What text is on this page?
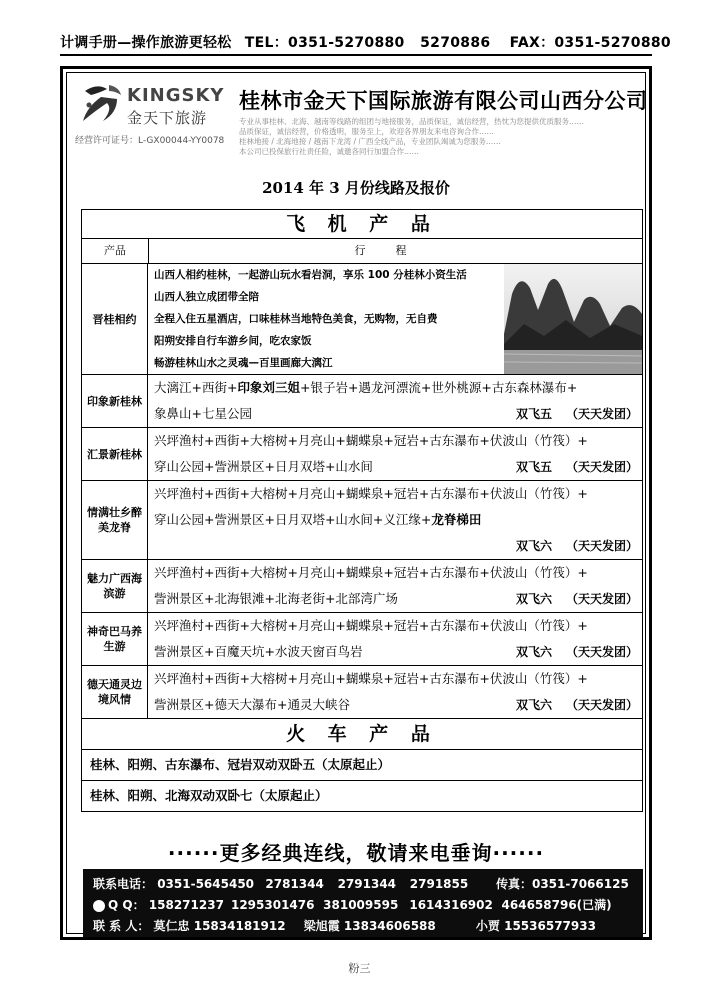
计调手册—操作旅游更轻松 TEL：0351-5270880   5270886 FAX：0351-5270880
KINGSKY
金天下旅游
经营许可证号：L-GX00044-YY0078
桂林市金天下国际旅游有限公司山西分公司
专业从事桂林、北海、越南等线路的组团与地接服务，品质保证，诚信经营，热忱为您提供优质服务……
品质保证，诚信经营，价格透明，服务至上，欢迎各界朋友来电咨询合作……
桂林地接 / 北海地接 / 越南下龙湾 / 广西全线产品，专业团队竭诚为您服务……
本公司已投保旅行社责任险，诚邀各同行加盟合作……
2014 年 3 月份线路及报价
飞 机 产 品
产品	行程
晋桂相约
山西人相约桂林，一起游山玩水看岩洞，享乐 100 分桂林小资生活
山西人独立成团带全陪
全程入住五星酒店，口味桂林当地特色美食，无购物，无自费
阳朔安排自行车游乡间，吃农家饭
畅游桂林山水之灵魂—百里画廊大漓江
印象新桂林
大漓江+西街+印象刘三姐+银子岩+遇龙河漂流+世外桃源+古东森林瀑布+
象鼻山+七星公园	双飞五 （天天发团）
汇景新桂林
兴坪渔村+西街+大榕树+月亮山+蝴蝶泉+冠岩+古东瀑布+伏波山（竹筏）+
穿山公园+訾洲景区+日月双塔+山水间	双飞五 （天天发团）
情满壮乡醉美龙脊
兴坪渔村+西街+大榕树+月亮山+蝴蝶泉+冠岩+古东瀑布+伏波山（竹筏）+
穿山公园+訾洲景区+日月双塔+山水间+义江缘+龙脊梯田
双飞六 （天天发团）
魅力广西海滨游
兴坪渔村+西街+大榕树+月亮山+蝴蝶泉+冠岩+古东瀑布+伏波山（竹筏）+
訾洲景区+北海银滩+北海老街+北部湾广场	双飞六 （天天发团）
神奇巴马养生游
兴坪渔村+西街+大榕树+月亮山+蝴蝶泉+冠岩+古东瀑布+伏波山（竹筏）+
訾洲景区+百魔天坑+水波天窗百鸟岩	双飞六 （天天发团）
德天通灵边境风情
兴坪渔村+西街+大榕树+月亮山+蝴蝶泉+冠岩+古东瀑布+伏波山（竹筏）+
訾洲景区+德天大瀑布+通灵大峡谷	双飞六 （天天发团）
火 车 产 品
桂林、阳朔、古东瀑布、冠岩双动双卧五（太原起止）
桂林、阳朔、北海双动双卧七（太原起止）
······更多经典连线，敬请来电垂询······
联系电话： 0351-5645450 2781344 2791344 2791855 传真：0351-7066125
Q Q： 158271237 1295301476 381009595 1614316902 464658796(已满)
联 系 人： 莫仁忠 15834181912 梁旭霞 13834606588	小贾 15536577933
粉三
